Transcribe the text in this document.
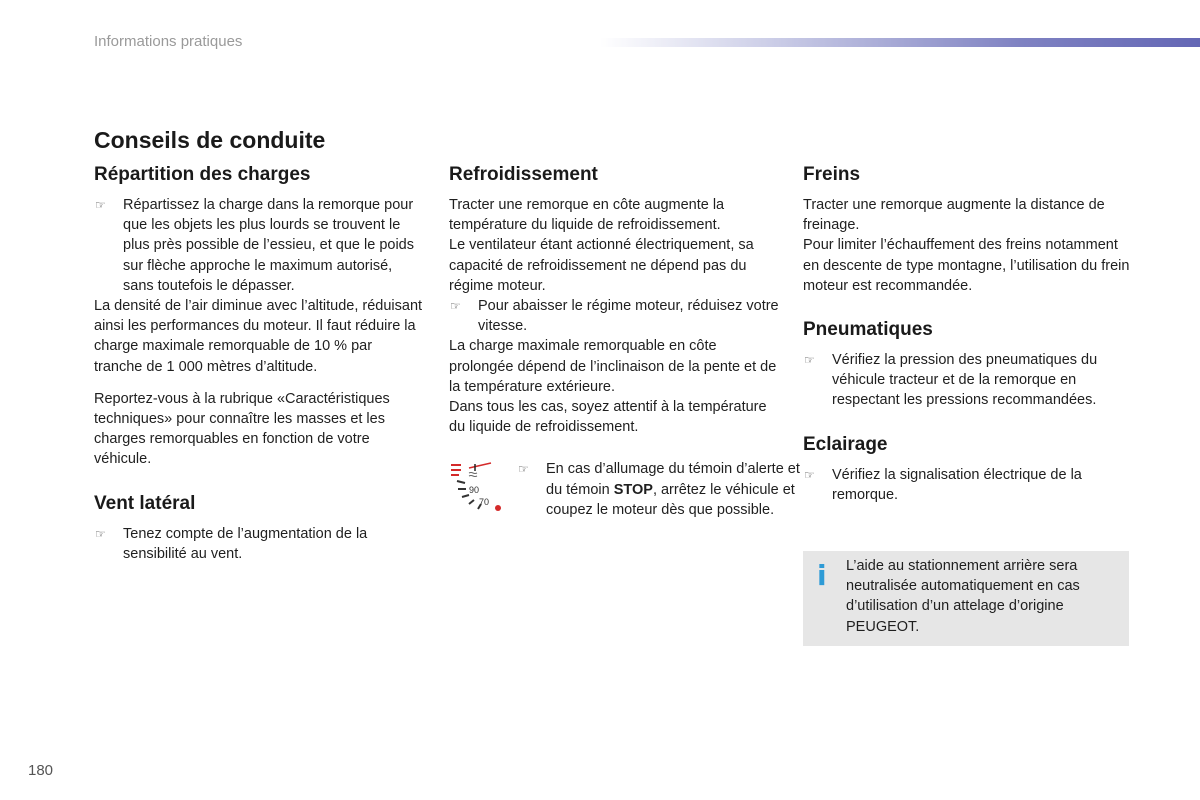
Informations pratiques
Conseils de conduite
Répartition des charges
☞ Répartissez la charge dans la remorque pour que les objets les plus lourds se trouvent le plus près possible de l’essieu, et que le poids sur flèche approche le maximum autorisé, sans toutefois le dépasser.

La densité de l’air diminue avec l’altitude, réduisant ainsi les performances du moteur. Il faut réduire la charge maximale remorquable de 10 % par tranche de 1 000 mètres d’altitude.

Reportez-vous à la rubrique «Caractéristiques techniques» pour connaître les masses et les charges remorquables en fonction de votre véhicule.

Vent latéral
☞ Tenez compte de l’augmentation de la sensibilité au vent.
Refroidissement

Tracter une remorque en côte augmente la température du liquide de refroidissement.

Le ventilateur étant actionné électriquement, sa capacité de refroidissement ne dépend pas du régime moteur.

☞ Pour abaisser le régime moteur, réduisez votre vitesse.

La charge maximale remorquable en côte prolongée dépend de l’inclinaison de la pente et de la température extérieure.

Dans tous les cas, soyez attentif à la température du liquide de refroidissement.

90
70
☞ En cas d’allumage du témoin d’alerte et du témoin STOP, arrêtez le véhicule et coupez le moteur dès que possible.
Freins

Tracter une remorque augmente la distance de freinage.

Pour limiter l’échauffement des freins notamment en descente de type montagne, l’utilisation du frein moteur est recommandée.

Pneumatiques
☞ Vérifiez la pression des pneumatiques du véhicule tracteur et de la remorque en respectant les pressions recommandées.
Eclairage
☞ Vérifiez la signalisation électrique de la remorque.
i L’aide au stationnement arrière sera neutralisée automatiquement en cas d’utilisation d’un attelage d’origine PEUGEOT.
180
